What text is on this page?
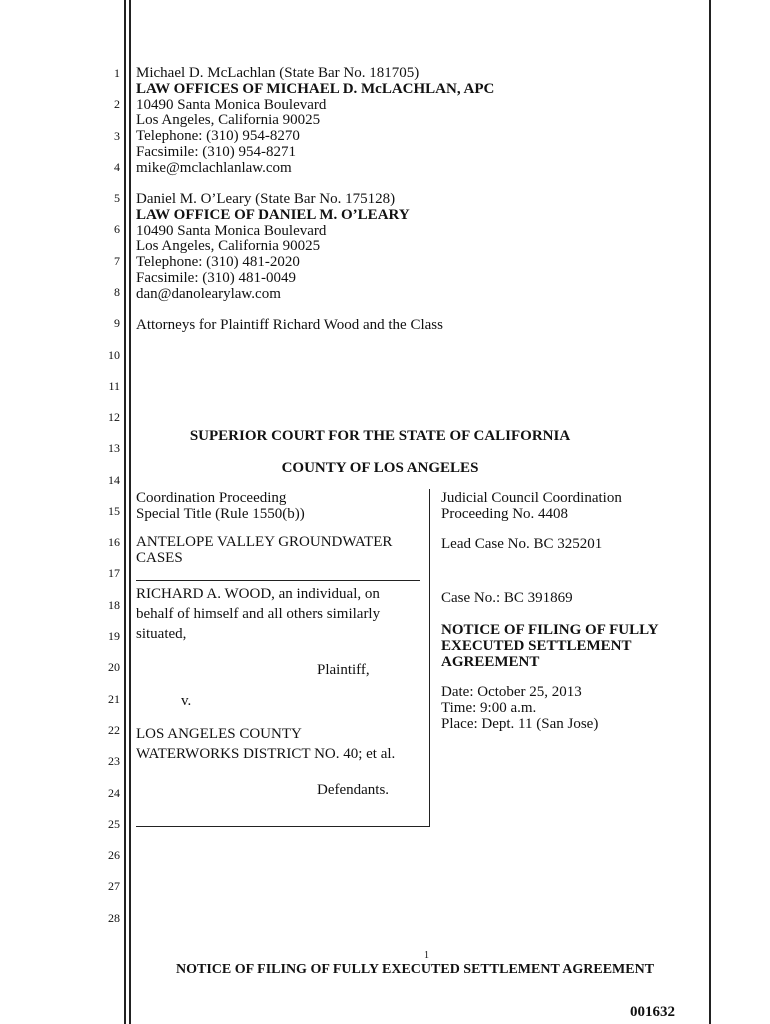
1
2
3
4
5
6
7
8
9
10
11
12
13
14
15
16
17
18
19
20
21
22
23
24
25
26
27
28
Michael D. McLachlan (State Bar No. 181705)
LAW OFFICES OF MICHAEL D. McLACHLAN, APC
10490 Santa Monica Boulevard
Los Angeles, California 90025
Telephone: (310) 954-8270
Facsimile: (310) 954-8271
mike@mclachlanlaw.com
Daniel M. O’Leary (State Bar No. 175128)
LAW OFFICE OF DANIEL M. O’LEARY
10490 Santa Monica Boulevard
Los Angeles, California 90025
Telephone: (310) 481-2020
Facsimile: (310) 481-0049
dan@danolearylaw.com
Attorneys for Plaintiff Richard Wood and the Class
SUPERIOR COURT FOR THE STATE OF CALIFORNIA
COUNTY OF LOS ANGELES
Coordination Proceeding
Special Title (Rule 1550(b))
ANTELOPE VALLEY GROUNDWATER
CASES
RICHARD A. WOOD, an individual, on
behalf of himself and all others similarly
situated,
Plaintiff,
v.
LOS ANGELES COUNTY
WATERWORKS DISTRICT NO. 40; et al.
Defendants.
Judicial Council Coordination
Proceeding No. 4408
Lead Case No. BC 325201
Case No.: BC 391869
NOTICE OF FILING OF FULLY
EXECUTED SETTLEMENT
AGREEMENT
Date: October 25, 2013
Time: 9:00 a.m.
Place: Dept. 11 (San Jose)
1
NOTICE OF FILING OF FULLY EXECUTED SETTLEMENT AGREEMENT
001632
